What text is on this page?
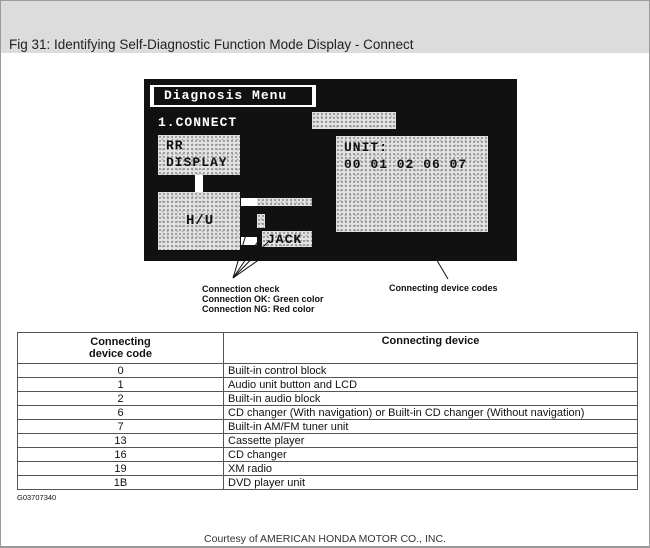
Fig 31: Identifying Self-Diagnostic Function Mode Display - Connect
Diagnosis Menu
1.CONNECT
RR
DISPLAY
H/U
JACK
UNIT:
00 01 02 06 07
Connection check
Connection OK: Green color
Connection NG: Red color
Connecting device codes
Connecting
device code	Connecting device
0	Built-in control block
1	Audio unit button and LCD
2	Built-in audio block
6	CD changer (With navigation) or Built-in CD changer (Without navigation)
7	Built-in AM/FM tuner unit
13	Cassette player
16	CD changer
19	XM radio
1B	DVD player unit
G03707340
Courtesy of AMERICAN HONDA MOTOR CO., INC.
